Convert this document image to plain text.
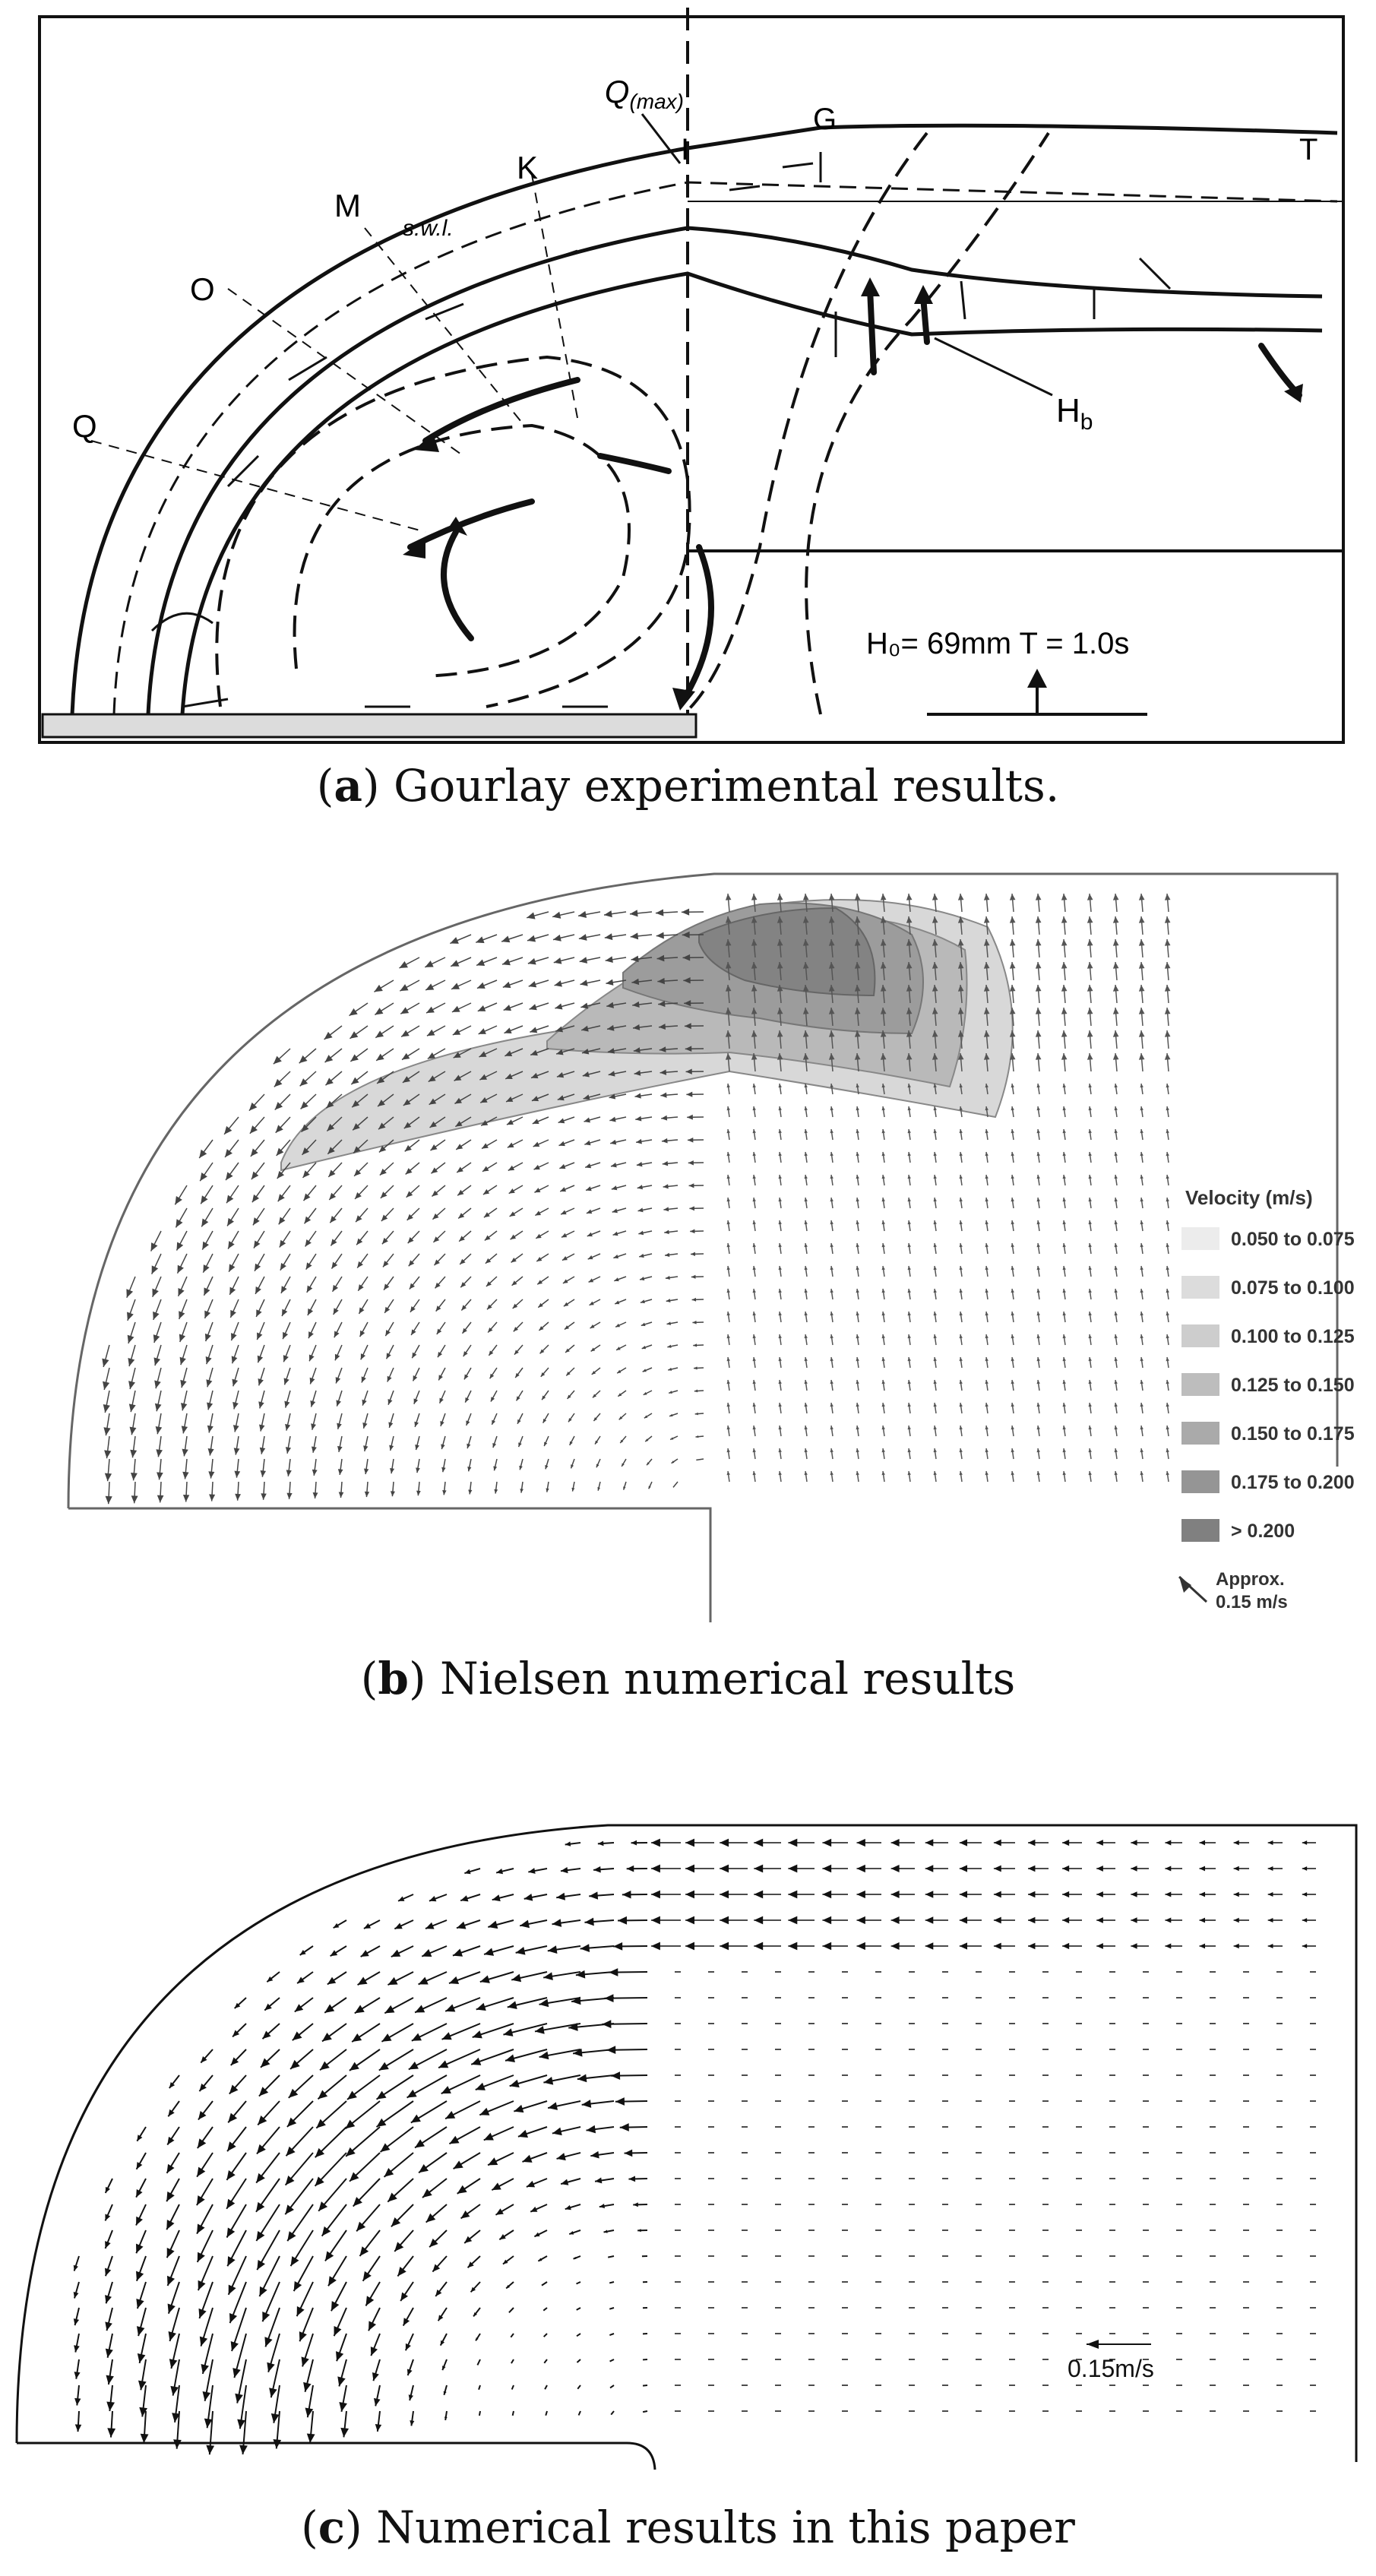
Q(max)
I
G
T
K
M
s.w.l.
O
Q	$H_b$
H₀= 69mm T = 1.0s
(a) Gourlay experimental results.
Velocity (m/s)
0.050 to 0.075
0.075 to 0.100
0.100 to 0.125
0.125 to 0.150
0.150 to 0.175
0.175 to 0.200
> 0.200
Approx.
0.15 m/s
(b) Nielsen numerical results
0.15m/s
(c) Numerical results in this paper
